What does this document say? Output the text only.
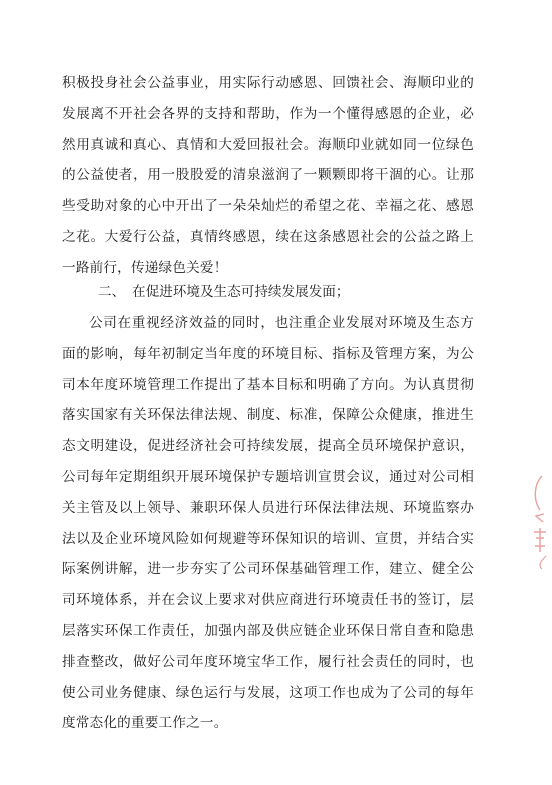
积极投身社会公益事业，用实际行动感恩、回馈社会、海顺印业的发展离不开社会各界的支持和帮助，作为一个懂得感恩的企业，必然用真诚和真心、真情和大爱回报社会。海顺印业就如同一位绿色的公益使者，用一股股爱的清泉滋润了一颗颗即将干涸的心。让那些受助对象的心中开出了一朵朵灿烂的希望之花、幸福之花、感恩之花。大爱行公益，真情终感恩，续在这条感恩社会的公益之路上一路前行，传递绿色关爱！

二、　在促进环境及生态可持续发展发面；

公司在重视经济效益的同时，也注重企业发展对环境及生态方面的影响，每年初制定当年度的环境目标、指标及管理方案，为公司本年度环境管理工作提出了基本目标和明确了方向。为认真贯彻落实国家有关环保法律法规、制度、标准，保障公众健康，推进生态文明建设，促进经济社会可持续发展，提高全员环境保护意识，公司每年定期组织开展环境保护专题培训宣贯会议，通过对公司相关主管及以上领导、兼职环保人员进行环保法律法规、环境监察办法以及企业环境风险如何规避等环保知识的培训、宣贯，并结合实际案例讲解，进一步夯实了公司环保基础管理工作，建立、健全公司环境体系，并在会议上要求对供应商进行环境责任书的签订，层层落实环保工作责任，加强内部及供应链企业环保日常自查和隐患排查整改，做好公司年度环境宝华工作，履行社会责任的同时，也使公司业务健康、绿色运行与发展，这项工作也成为了公司的每年度常态化的重要工作之一。
